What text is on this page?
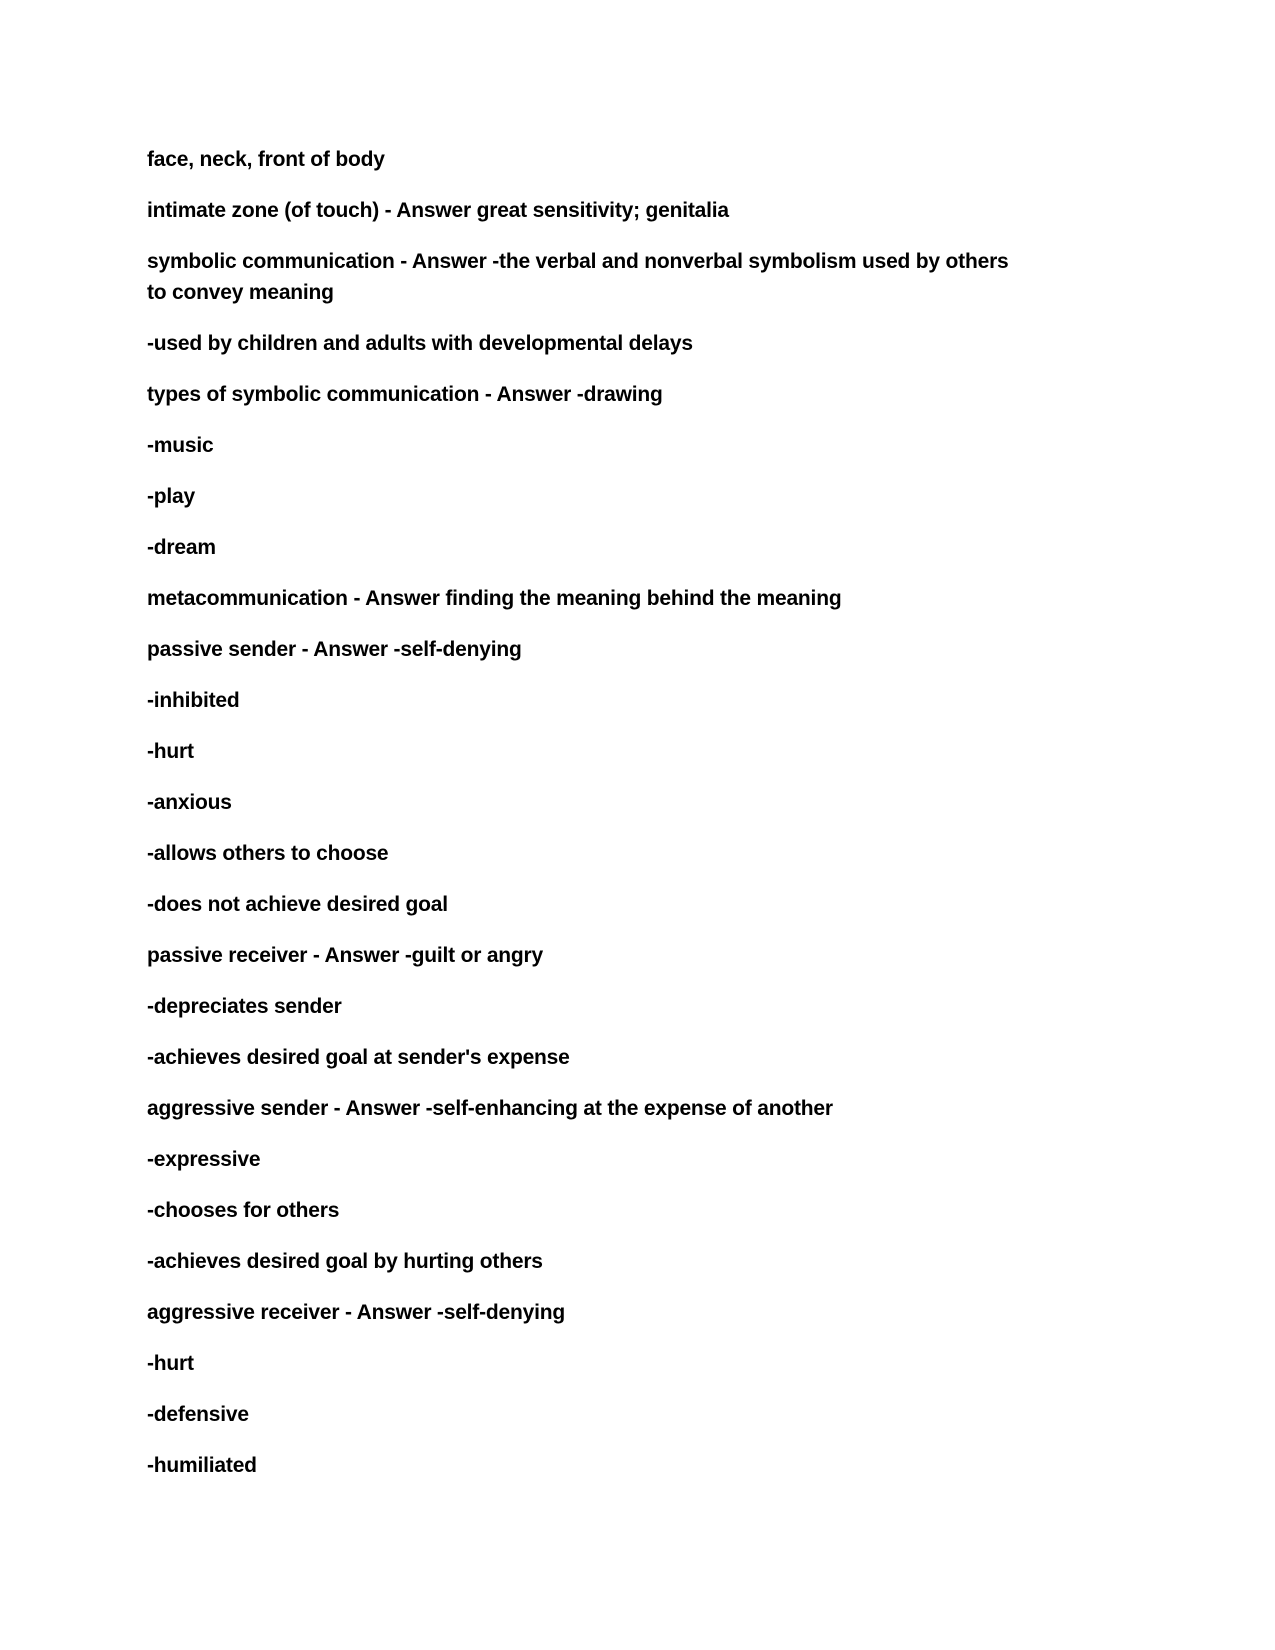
face, neck, front of body
intimate zone (of touch) - Answer great sensitivity; genitalia
symbolic communication - Answer -the verbal and nonverbal symbolism used by others
to convey meaning
-used by children and adults with developmental delays
types of symbolic communication - Answer -drawing
-music
-play
-dream
metacommunication - Answer finding the meaning behind the meaning
passive sender - Answer -self-denying
-inhibited
-hurt
-anxious
-allows others to choose
-does not achieve desired goal
passive receiver - Answer -guilt or angry
-depreciates sender
-achieves desired goal at sender's expense
aggressive sender - Answer -self-enhancing at the expense of another
-expressive
-chooses for others
-achieves desired goal by hurting others
aggressive receiver - Answer -self-denying
-hurt
-defensive
-humiliated
